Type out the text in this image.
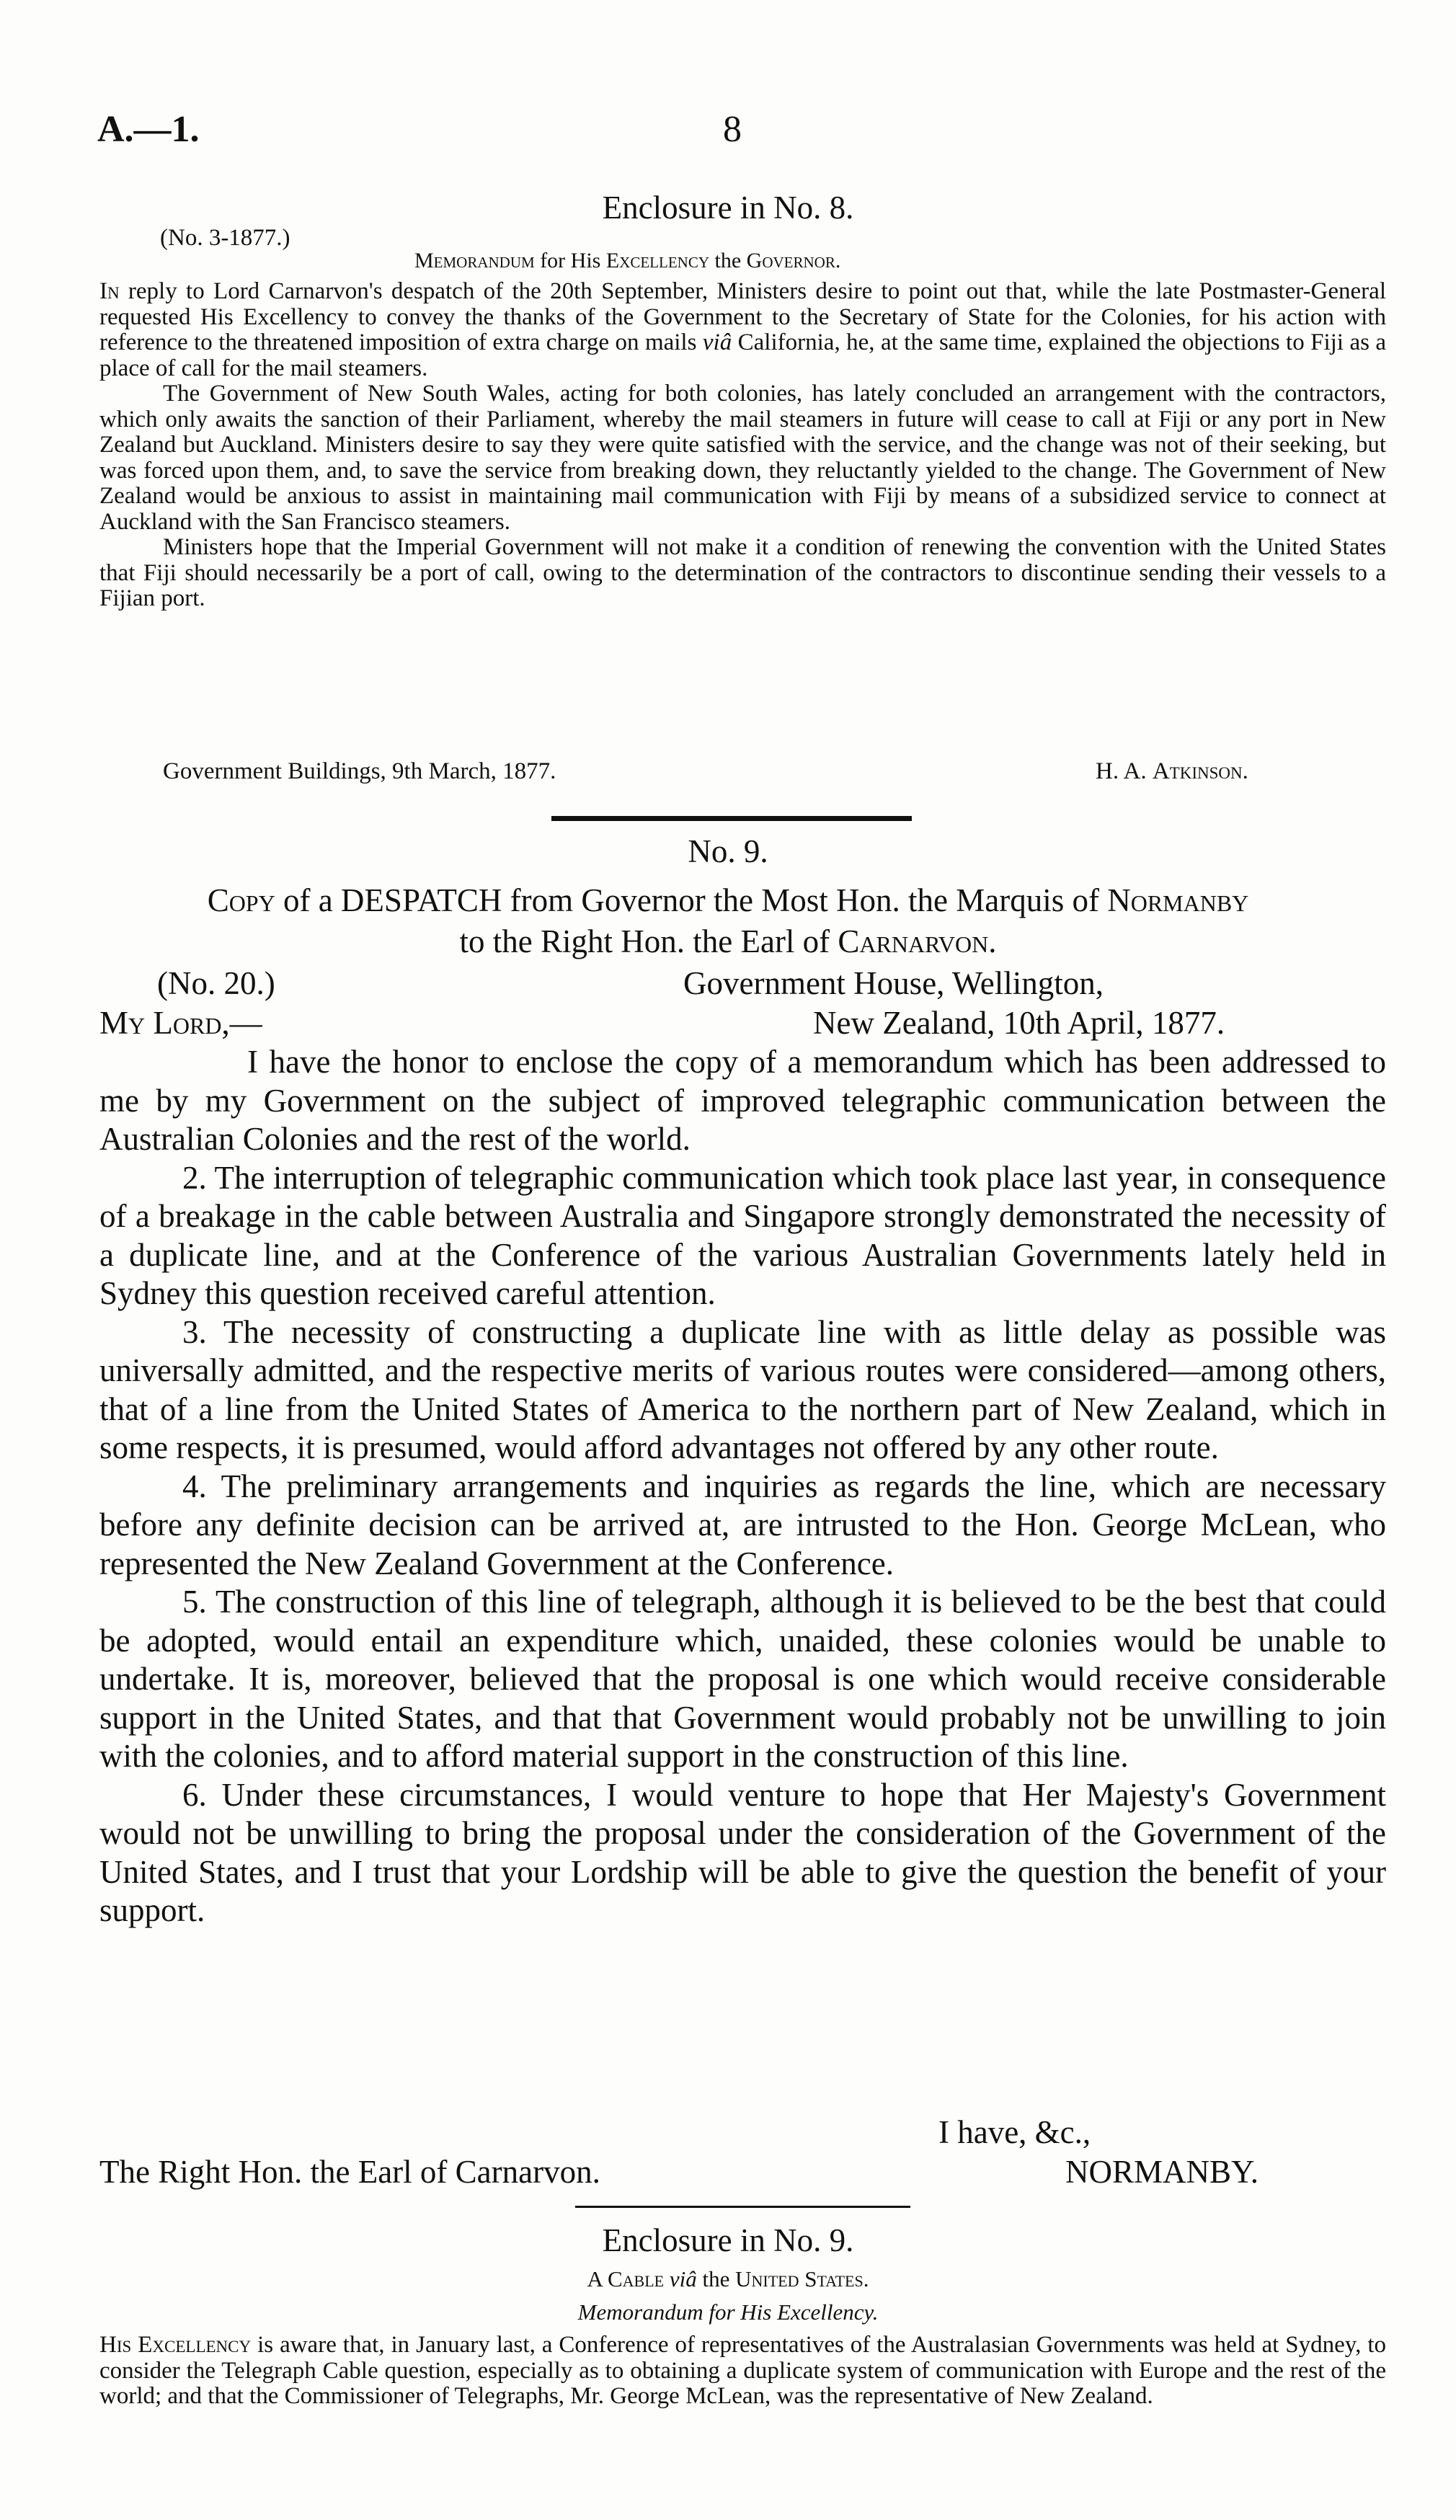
A.—1.	8
Enclosure in No. 8.
(No. 3-1877.)
Memorandum for His Excellency the Governor.

In reply to Lord Carnarvon's despatch of the 20th September, Ministers desire to point out that, while the late Postmaster-General requested His Excellency to convey the thanks of the Government to the Secretary of State for the Colonies, for his action with reference to the threatened imposition of extra charge on mails viâ California, he, at the same time, explained the objections to Fiji as a place of call for the mail steamers.

The Government of New South Wales, acting for both colonies, has lately concluded an arrangement with the contractors, which only awaits the sanction of their Parliament, whereby the mail steamers in future will cease to call at Fiji or any port in New Zealand but Auckland. Ministers desire to say they were quite satisfied with the service, and the change was not of their seeking, but was forced upon them, and, to save the service from breaking down, they reluctantly yielded to the change. The Government of New Zealand would be anxious to assist in maintaining mail communication with Fiji by means of a subsidized service to connect at Auckland with the San Francisco steamers.

Ministers hope that the Imperial Government will not make it a condition of renewing the convention with the United States that Fiji should necessarily be a port of call, owing to the determination of the contractors to discontinue sending their vessels to a Fijian port.

Government Buildings, 9th March, 1877.	H. A. Atkinson.
No. 9.
Copy of a DESPATCH from Governor the Most Hon. the Marquis of Normanby
to the Right Hon. the Earl of Carnarvon.
(No. 20.)	Government House, Wellington,
My Lord,—	New Zealand, 10th April, 1877.

I have the honor to enclose the copy of a memorandum which has been addressed to me by my Government on the subject of improved telegraphic communication between the Australian Colonies and the rest of the world.

2. The interruption of telegraphic communication which took place last year, in consequence of a breakage in the cable between Australia and Singapore strongly demonstrated the necessity of a duplicate line, and at the Conference of the various Australian Governments lately held in Sydney this question received careful attention.

3. The necessity of constructing a duplicate line with as little delay as possible was universally admitted, and the respective merits of various routes were considered—among others, that of a line from the United States of America to the northern part of New Zealand, which in some respects, it is presumed, would afford advantages not offered by any other route.

4. The preliminary arrangements and inquiries as regards the line, which are necessary before any definite decision can be arrived at, are intrusted to the Hon. George McLean, who represented the New Zealand Government at the Conference.

5. The construction of this line of telegraph, although it is believed to be the best that could be adopted, would entail an expenditure which, unaided, these colonies would be unable to undertake. It is, moreover, believed that the proposal is one which would receive considerable support in the United States, and that that Government would probably not be unwilling to join with the colonies, and to afford material support in the construction of this line.

6. Under these circumstances, I would venture to hope that Her Majesty's Government would not be unwilling to bring the proposal under the consideration of the Government of the United States, and I trust that your Lordship will be able to give the question the benefit of your support.

I have, &c.,
The Right Hon. the Earl of Carnarvon.	NORMANBY.
Enclosure in No. 9.
A Cable viâ the United States.
Memorandum for His Excellency.

His Excellency is aware that, in January last, a Conference of representatives of the Australasian Governments was held at Sydney, to consider the Telegraph Cable question, especially as to obtaining a duplicate system of communication with Europe and the rest of the world; and that the Commissioner of Telegraphs, Mr. George McLean, was the representative of New Zealand.
